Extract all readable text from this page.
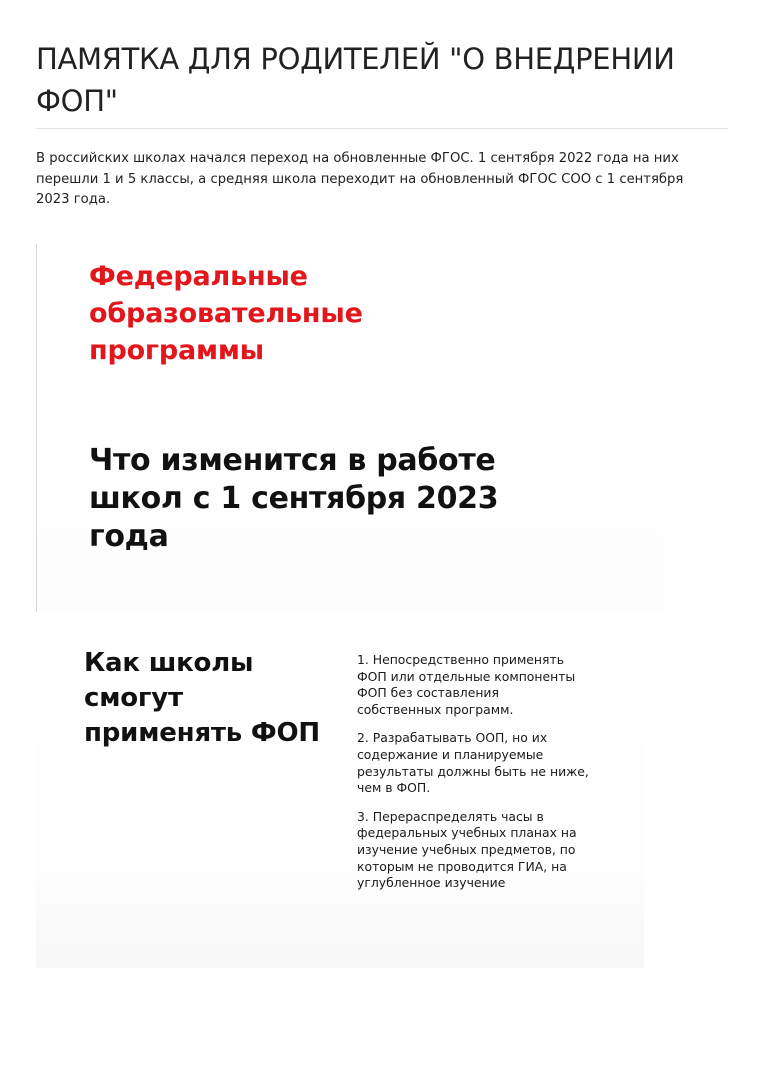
ПАМЯТКА ДЛЯ РОДИТЕЛЕЙ "О ВНЕДРЕНИИ ФОП"

В российских школах начался переход на обновленные ФГОС. 1 сентября 2022 года на них перешли 1 и 5 классы, а средняя школа переходит на обновленный ФГОС СОО с 1 сентября 2023 года.

Федеральные
образовательные
программы
Что изменится в работе
школ с 1 сентября 2023
года
Как школы
смогут
применять ФОП
1. Непосредственно применять
ФОП или отдельные компоненты
ФОП без составления
собственных программ.
2. Разрабатывать ООП, но их
содержание и планируемые
результаты должны быть не ниже,
чем в ФОП.
3. Перераспределять часы в
федеральных учебных планах на
изучение учебных предметов, по
которым не проводится ГИА, на
углубленное изучение
